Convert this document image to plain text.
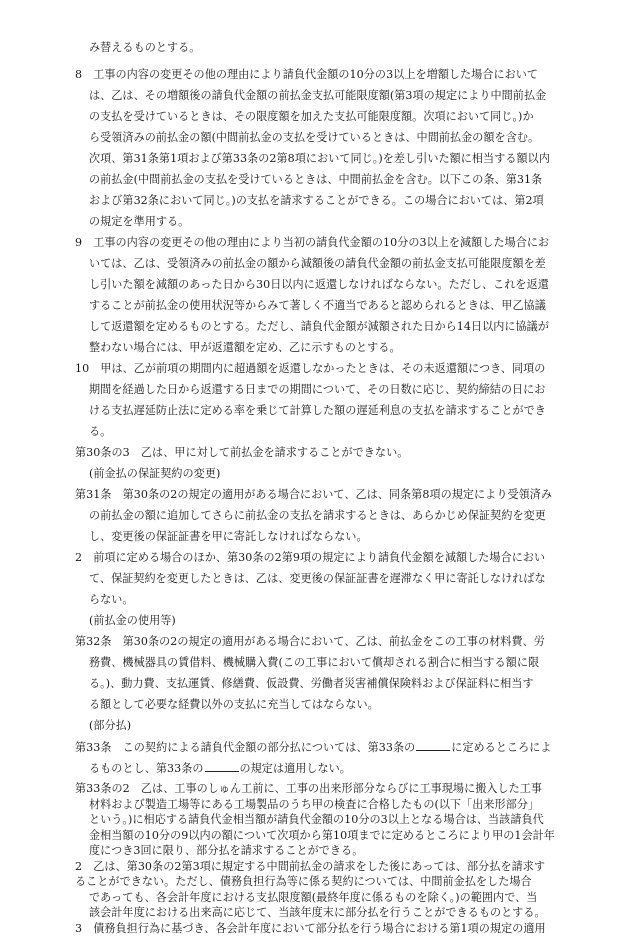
み替えるものとする。
8　工事の内容の変更その他の理由により請負代金額の10分の3以上を増額した場合において
は、乙は、その増額後の請負代金額の前払金支払可能限度額(第3項の規定により中間前払金
の支払を受けているときは、その限度額を加えた支払可能限度額。次項において同じ。)か
ら受領済みの前払金の額(中間前払金の支払を受けているときは、中間前払金の額を含む。
次項、第31条第1項および第33条の2第8項において同じ。)を差し引いた額に相当する額以内
の前払金(中間前払金の支払を受けているときは、中間前払金を含む。以下この条、第31条
および第32条において同じ。)の支払を請求することができる。この場合においては、第2項
の規定を準用する。
9　工事の内容の変更その他の理由により当初の請負代金額の10分の3以上を減額した場合にお
いては、乙は、受領済みの前払金の額から減額後の請負代金額の前払金支払可能限度額を差
し引いた額を減額のあった日から30日以内に返還しなければならない。ただし、これを返還
することが前払金の使用状況等からみて著しく不適当であると認められるときは、甲乙協議
して返還額を定めるものとする。ただし、請負代金額が減額された日から14日以内に協議が
整わない場合には、甲が返還額を定め、乙に示すものとする。
10　甲は、乙が前項の期間内に超過額を返還しなかったときは、その未返還額につき、同項の
期間を経過した日から返還する日までの期間について、その日数に応じ、契約締結の日にお
ける支払遅延防止法に定める率を乗じて計算した額の遅延利息の支払を請求することができ
る。
第30条の3　乙は、甲に対して前払金を請求することができない。
(前金払の保証契約の変更)
第31条　第30条の2の規定の適用がある場合において、乙は、同条第8項の規定により受領済み
の前払金の額に追加してさらに前払金の支払を請求するときは、あらかじめ保証契約を変更
し、変更後の保証証書を甲に寄託しなければならない。
2　前項に定める場合のほか、第30条の2第9項の規定により請負代金額を減額した場合におい
て、保証契約を変更したときは、乙は、変更後の保証証書を遅滞なく甲に寄託しなければな
らない。
(前払金の使用等)
第32条　第30条の2の規定の適用がある場合において、乙は、前払金をこの工事の材料費、労
務費、機械器具の賃借料、機械購入費(この工事において償却される割合に相当する額に限
る。)、動力費、支払運賃、修繕費、仮設費、労働者災害補償保険料および保証料に相当す
る額として必要な経費以外の支払に充当してはならない。
(部分払)
第33条　この契約による請負代金額の部分払については、第33条の	に定めるところによ
るものとし、第33条の	の規定は適用しない。
第33条の2　乙は、工事のしゅん工前に、工事の出来形部分ならびに工事現場に搬入した工事
材料および製造工場等にある工場製品のうち甲の検査に合格したもの(以下「出来形部分」
という。)に相応する請負代金相当額が請負代金額の10分の3以上となる場合は、当該請負代
金相当額の10分の9以内の額について次項から第10項までに定めるところにより甲の1会計年
度につき3回に限り、部分払を請求することができる。
2　乙は、第30条の2第3項に規定する中間前払金の請求をした後にあっては、部分払を請求す
ることができない。ただし、債務負担行為等に係る契約については、中間前金払をした場合
であっても、各会計年度における支払限度額(最終年度に係るものを除く。)の範囲内で、当
該会計年度における出来高に応じて、当該年度末に部分払を行うことができるものとする。
3　債務負担行為に基づき、各会計年度において部分払を行う場合における第1項の規定の適用
